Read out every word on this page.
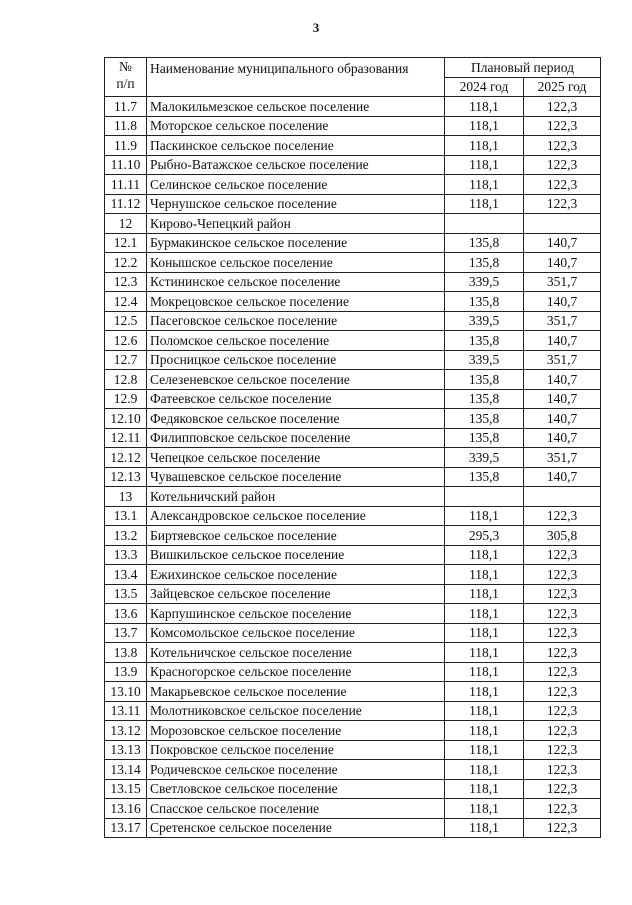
3
№
п/п	Наименование муниципального образования	Плановый период	
		2024 год	2025 год
11.7	Малокильмезское сельское поселение	118,1	122,3
11.8	Моторское сельское поселение	118,1	122,3
11.9	Паскинское сельское поселение	118,1	122,3
11.10	Рыбно-Ватажское сельское поселение	118,1	122,3
11.11	Селинское сельское поселение	118,1	122,3
11.12	Чернушское сельское поселение	118,1	122,3
12	Кирово-Чепецкий район		
12.1	Бурмакинское сельское поселение	135,8	140,7
12.2	Конышское сельское поселение	135,8	140,7
12.3	Кстининское сельское поселение	339,5	351,7
12.4	Мокрецовское сельское поселение	135,8	140,7
12.5	Пасеговское сельское поселение	339,5	351,7
12.6	Поломское сельское поселение	135,8	140,7
12.7	Просницкое сельское поселение	339,5	351,7
12.8	Селезеневское сельское поселение	135,8	140,7
12.9	Фатеевское сельское поселение	135,8	140,7
12.10	Федяковское сельское поселение	135,8	140,7
12.11	Филипповское сельское поселение	135,8	140,7
12.12	Чепецкое сельское поселение	339,5	351,7
12.13	Чувашевское сельское поселение	135,8	140,7
13	Котельничский район		
13.1	Александровское сельское поселение	118,1	122,3
13.2	Биртяевское сельское поселение	295,3	305,8
13.3	Вишкильское сельское поселение	118,1	122,3
13.4	Ежихинское сельское поселение	118,1	122,3
13.5	Зайцевское сельское поселение	118,1	122,3
13.6	Карпушинское сельское поселение	118,1	122,3
13.7	Комсомольское сельское поселение	118,1	122,3
13.8	Котельничское сельское поселение	118,1	122,3
13.9	Красногорское сельское поселение	118,1	122,3
13.10	Макарьевское сельское поселение	118,1	122,3
13.11	Молотниковское сельское поселение	118,1	122,3
13.12	Морозовское сельское поселение	118,1	122,3
13.13	Покровское сельское поселение	118,1	122,3
13.14	Родичевское сельское поселение	118,1	122,3
13.15	Светловское сельское поселение	118,1	122,3
13.16	Спасское сельское поселение	118,1	122,3
13.17	Сретенское сельское поселение	118,1	122,3
